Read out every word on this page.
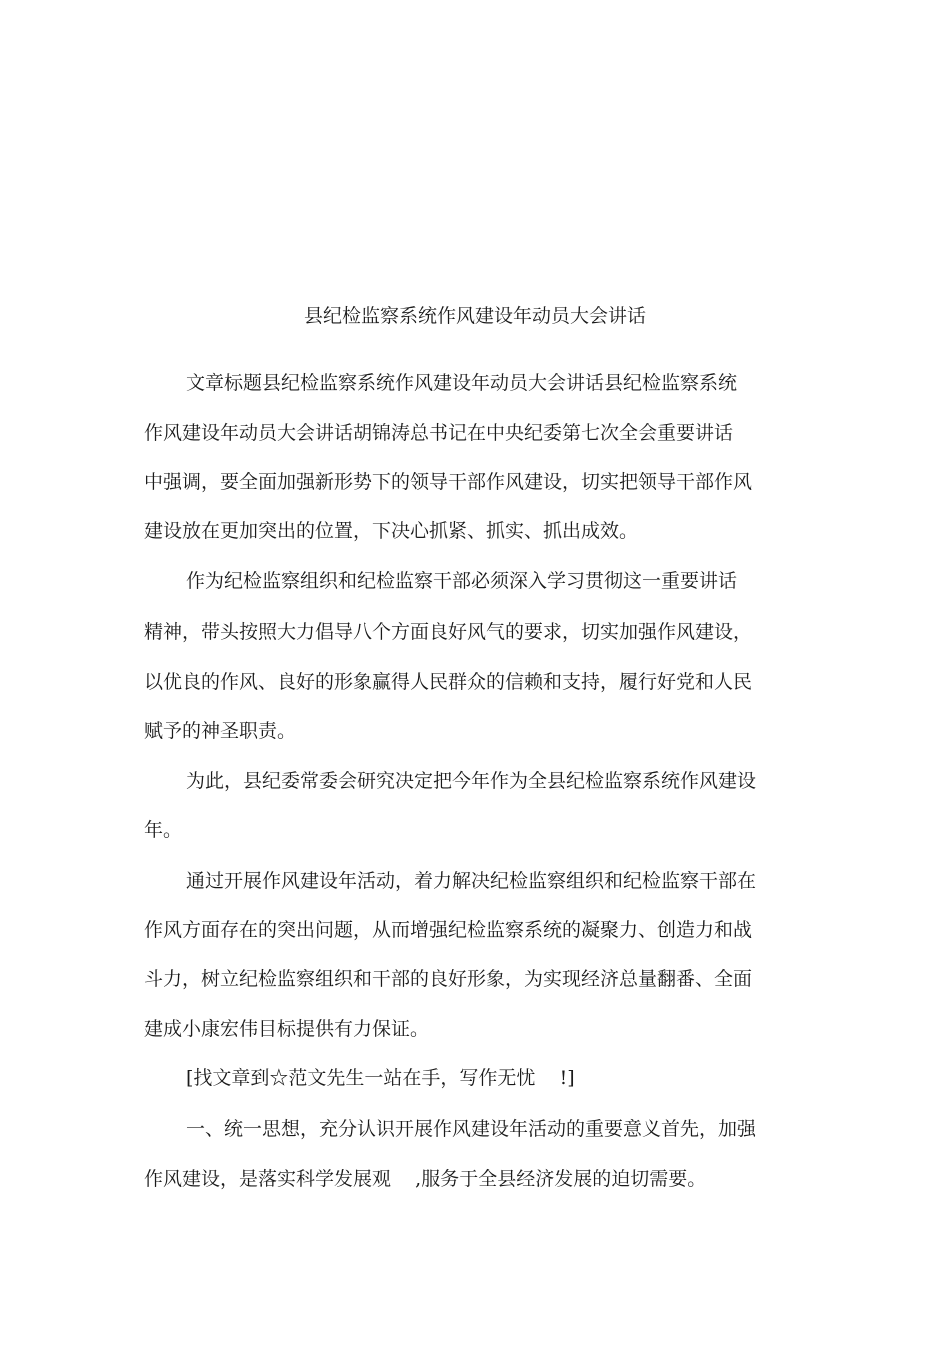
县纪检监察系统作风建设年动员大会讲话
文章标题县纪检监察系统作风建设年动员大会讲话县纪检监察系统
作风建设年动员大会讲话胡锦涛总书记在中央纪委第七次全会重要讲话
中强调，要全面加强新形势下的领导干部作风建设，切实把领导干部作风
建设放在更加突出的位置，下决心抓紧、抓实、抓出成效。
作为纪检监察组织和纪检监察干部必须深入学习贯彻这一重要讲话
精神，带头按照大力倡导八个方面良好风气的要求，切实加强作风建设，
以优良的作风、良好的形象赢得人民群众的信赖和支持，履行好党和人民
赋予的神圣职责。
为此，县纪委常委会研究决定把今年作为全县纪检监察系统作风建设
年。
通过开展作风建设年活动，着力解决纪检监察组织和纪检监察干部在
作风方面存在的突出问题，从而增强纪检监察系统的凝聚力、创造力和战
斗力，树立纪检监察组织和干部的良好形象，为实现经济总量翻番、全面
建成小康宏伟目标提供有力保证。
[找文章到☆范文先生一站在手，写作无忧    !]
一、统一思想，充分认识开展作风建设年活动的重要意义首先，加强
作风建设，是落实科学发展观    ,服务于全县经济发展的迫切需要。
